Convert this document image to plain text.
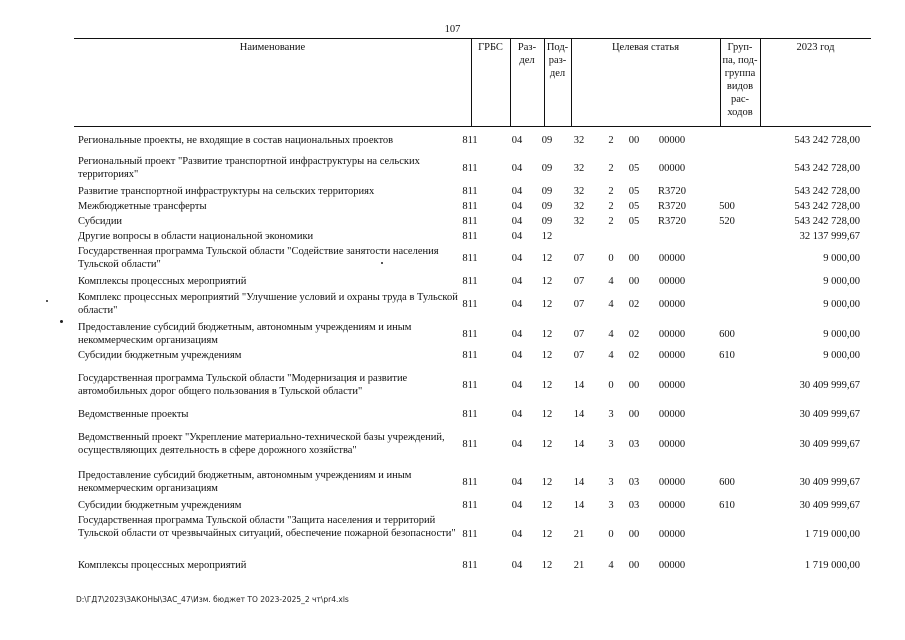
107
Наименование	ГРБС	Раз-
дел
Под-
раз-
дел
Целевая статья	Груп-
па, под-
группа
видов
рас-
ходов
2023 год
Региональные проекты, не входящие в состав национальных проектов	811	04	09	32	2	00	00000	543 242 728,00
Региональный проект "Развитие транспортной инфраструктуры на сельских территориях"	811	04	09	32	2	05	00000	543 242 728,00
Развитие транспортной инфраструктуры на сельских территориях	811	04	09	32	2	05	R3720	543 242 728,00
Межбюджетные трансферты	811	04	09	32	2	05	R3720	500	543 242 728,00
Субсидии	811	04	09	32	2	05	R3720	520	543 242 728,00
Другие вопросы в области национальной экономики	811	04	12	32 137 999,67
Государственная программа Тульской области "Содействие занятости населения Тульской области"	811	04	12	07	0	00	00000	9 000,00
Комплексы процессных мероприятий	811	04	12	07	4	00	00000	9 000,00
Комплекс процессных мероприятий "Улучшение условий и охраны труда в Тульской области"	811	04	12	07	4	02	00000	9 000,00
Предоставление субсидий бюджетным, автономным учреждениям и иным некоммерческим организациям	811	04	12	07	4	02	00000	600	9 000,00
Субсидии бюджетным учреждениям	811	04	12	07	4	02	00000	610	9 000,00
Государственная программа Тульской области "Модернизация и развитие автомобильных дорог общего пользования в Тульской области"	811	04	12	14	0	00	00000	30 409 999,67
Ведомственные проекты	811	04	12	14	3	00	00000	30 409 999,67
Ведомственный проект "Укрепление материально-технической базы учреждений, осуществляющих деятельность в сфере дорожного хозяйства"	811	04	12	14	3	03	00000	30 409 999,67
Предоставление субсидий бюджетным, автономным учреждениям и иным некоммерческим организациям	811	04	12	14	3	03	00000	600	30 409 999,67
Субсидии бюджетным учреждениям	811	04	12	14	3	03	00000	610	30 409 999,67
Государственная программа Тульской области "Защита населения и территорий Тульской области от чрезвычайных ситуаций, обеспечение пожарной безопасности" 811	04	12	21	0	00	00000	1 719 000,00
Комплексы процессных мероприятий	811	04	12	21	4	00	00000	1 719 000,00
D:\ГД7\2023\ЗАКОНЫ\ЗАС_47\Изм. бюджет ТО 2023-2025_2 чт\pr4.xls
